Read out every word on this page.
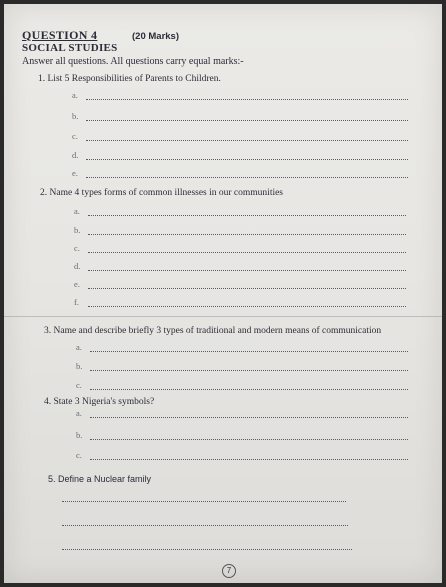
QUESTION 4	(20 Marks)
SOCIAL STUDIES
Answer all questions. All questions carry equal marks:-
1. List 5 Responsibilities of Parents to Children.
a.
b.
c.
d.
e.
2. Name 4 types forms of common illnesses in our communities
a.
b.
c.
d.
e.
f.
3. Name and describe briefly 3 types of traditional and modern means of communication
a.
b.
c.
4. State 3 Nigeria's symbols?
a.
b.
c.
5. Define a Nuclear family
7
